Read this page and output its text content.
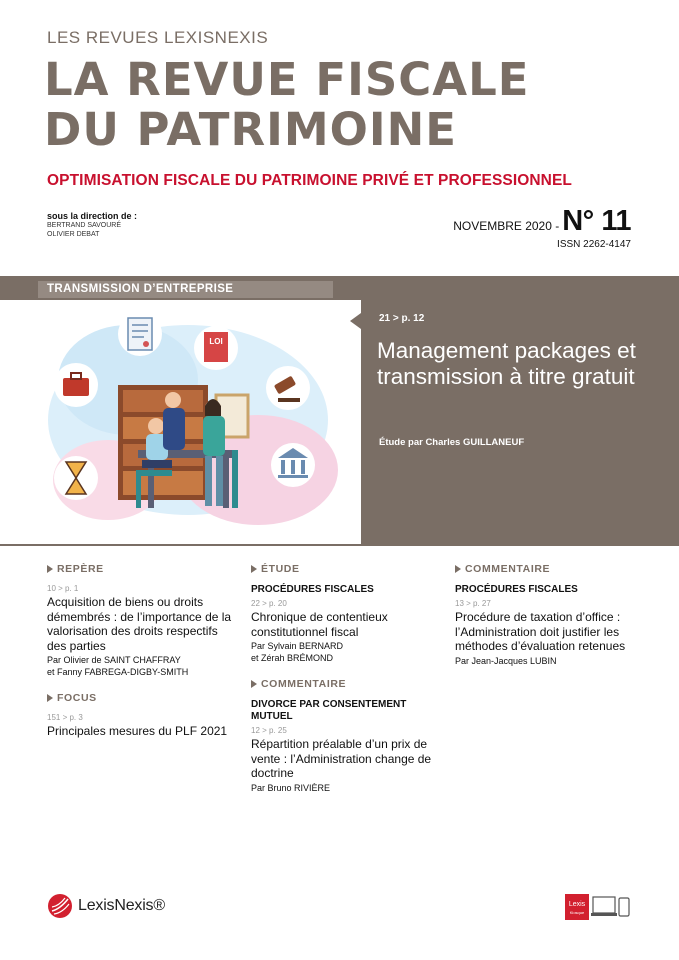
LES REVUES LEXISNEXIS
LA REVUE FISCALE
DU PATRIMOINE
OPTIMISATION FISCALE DU PATRIMOINE PRIVÉ ET PROFESSIONNEL
sous la direction de :
BERTRAND SAVOURÉ
OLIVIER DEBAT
NOVEMBRE 2020 - N° 11
ISSN 2262-4147
TRANSMISSION D’ENTREPRISE
LOI
21 > p. 12
Management packages et transmission à titre gratuit
Étude par Charles GUILLANEUF
REPÈRE
10 > p. 1
Acquisition de biens ou droits démembrés : de l’importance de la valorisation des droits respectifs des parties
Par Olivier de SAINT CHAFFRAY
et Fanny FABREGA-DIGBY-SMITH
FOCUS
151 > p. 3
Principales mesures du PLF 2021
ÉTUDE
PROCÉDURES FISCALES
22 > p. 20
Chronique de contentieux constitutionnel fiscal
Par Sylvain BERNARD
et Zérah BRÉMOND
COMMENTAIRE
DIVORCE PAR CONSENTEMENT MUTUEL
12 > p. 25
Répartition préalable d’un prix de vente : l’Administration change de doctrine
Par Bruno RIVIÈRE
COMMENTAIRE
PROCÉDURES FISCALES
13 > p. 27
Procédure de taxation d’office : l’Administration doit justifier les méthodes d’évaluation retenues
Par Jean-Jacques LUBIN
LexisNexis®	Lexis
Kiosque
